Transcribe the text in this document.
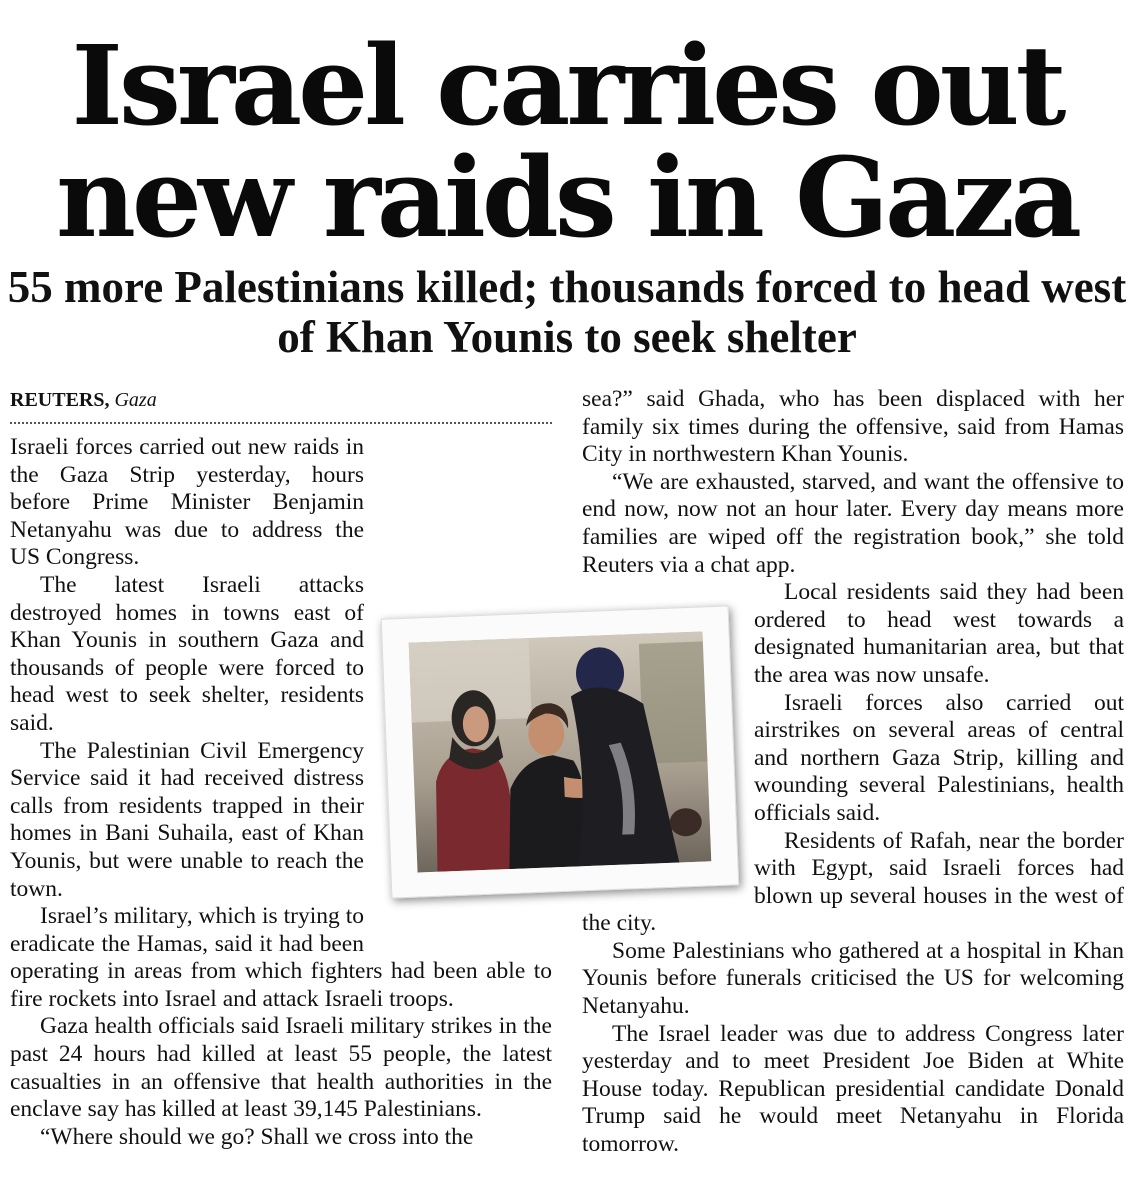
Israel carries out new raids in Gaza
55 more Palestinians killed; thousands forced to head west of Khan Younis to seek shelter
REUTERS, Gaza

Israeli forces carried out new raids in the Gaza Strip yesterday, hours before Prime Minister Benjamin Netanyahu was due to address the US Congress.

The latest Israeli attacks destroyed homes in towns east of Khan Younis in southern Gaza and thousands of people were forced to head west to seek shelter, residents said.

The Palestinian Civil Emergency Service said it had received distress calls from residents trapped in their homes in Bani Suhaila, east of Khan Younis, but were unable to reach the town.

Israel’s military, which is trying to eradicate the Hamas, said it had been operating in areas from which fighters had been able to fire rockets into Israel and attack Israeli troops.

Gaza health officials said Israeli military strikes in the past 24 hours had killed at least 55 people, the latest casualties in an offensive that health authorities in the enclave say has killed at least 39,145 Palestinians.

“Where should we go? Shall we cross into the

sea?” said Ghada, who has been displaced with her family six times during the offensive, said from Hamas City in northwestern Khan Younis.

“We are exhausted, starved, and want the offensive to end now, now not an hour later. Every day means more families are wiped off the registration book,” she told Reuters via a chat app.

Local residents said they had been ordered to head west towards a designated humanitarian area, but that the area was now unsafe.

Israeli forces also carried out airstrikes on several areas of central and northern Gaza Strip, killing and wounding several Palestinians, health officials said.

Residents of Rafah, near the border with Egypt, said Israeli forces had blown up several houses in the west of the city.

Some Palestinians who gathered at a hospital in Khan Younis before funerals criticised the US for welcoming Netanyahu.

The Israel leader was due to address Congress later yesterday and to meet President Joe Biden at White House today. Republican presidential candidate Donald Trump said he would meet Netanyahu in Florida tomorrow.
